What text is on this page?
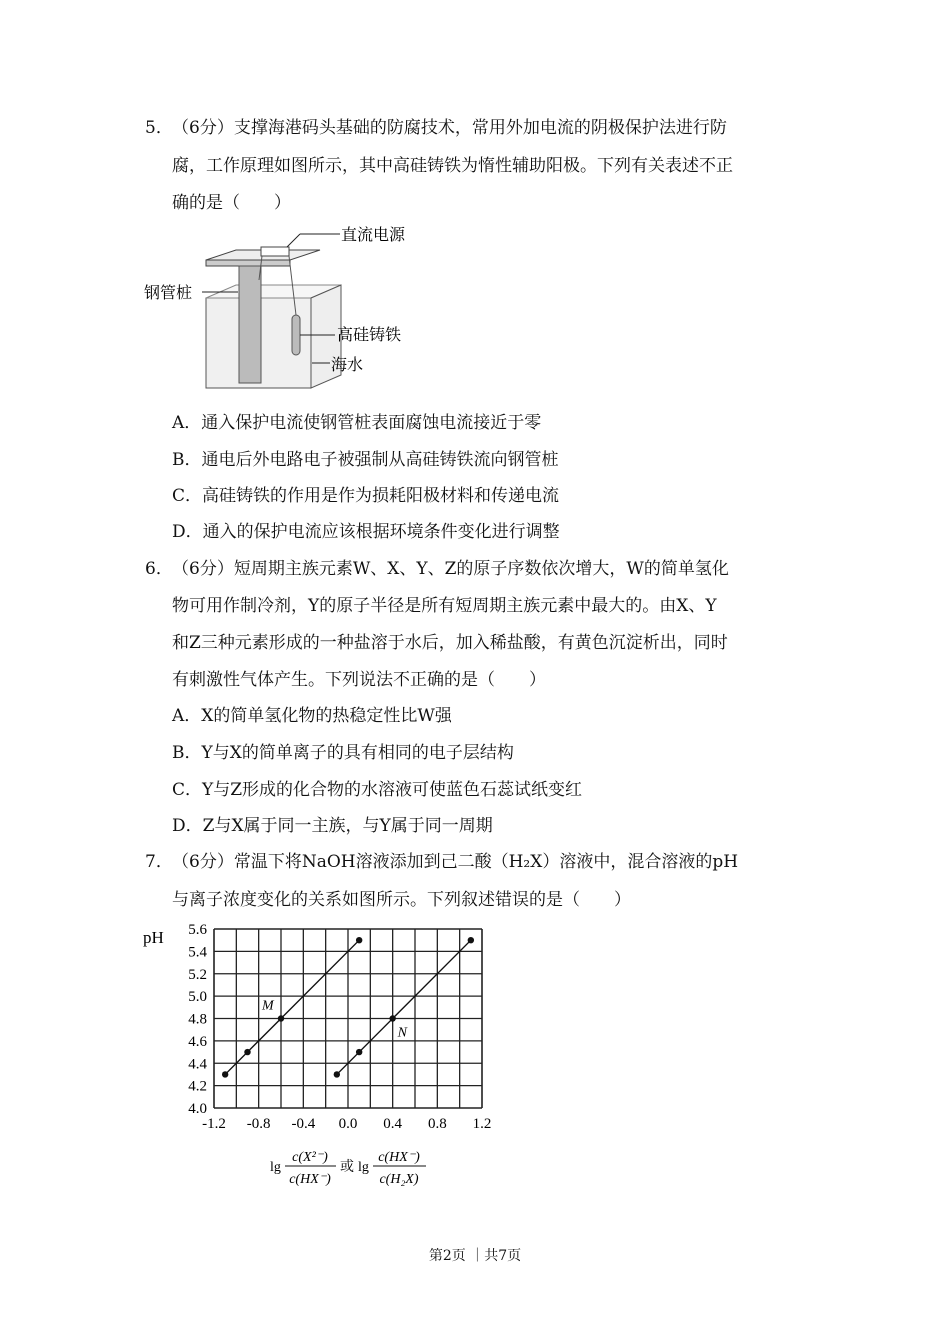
5． （6分）支撑海港码头基础的防腐技术，常用外加电流的阴极保护法进行防
腐，工作原理如图所示，其中高硅铸铁为惰性辅助阳极。下列有关表述不正
确的是（　　）
直流电源
钢管桩
高硅铸铁
海水
A．通入保护电流使钢管桩表面腐蚀电流接近于零
B．通电后外电路电子被强制从高硅铸铁流向钢管桩
C．高硅铸铁的作用是作为损耗阳极材料和传递电流
D．通入的保护电流应该根据环境条件变化进行调整
6． （6分）短周期主族元素W、X、Y、Z的原子序数依次增大，W的简单氢化
物可用作制冷剂，Y的原子半径是所有短周期主族元素中最大的。由X、Y
和Z三种元素形成的一种盐溶于水后，加入稀盐酸，有黄色沉淀析出，同时
有刺激性气体产生。下列说法不正确的是（　　）
A．X的简单氢化物的热稳定性比W强
B．Y与X的简单离子的具有相同的电子层结构
C．Y与Z形成的化合物的水溶液可使蓝色石蕊试纸变红
D．Z与X属于同一主族，与Y属于同一周期
7． （6分）常温下将NaOH溶液添加到己二酸（H₂X）溶液中，混合溶液的pH
与离子浓度变化的关系如图所示。下列叙述错误的是（　　）
pH
-1.2 -0.8 -0.4 0.0 0.4 0.8 1.2
4.0
4.2
4.4
4.6
4.8
5.0
5.2
5.4
5.6
M
N
lg
c(X²⁻)
c(HX⁻)
或 lg
c(HX⁻)
c(H₂X)
第2页 ｜共7页
